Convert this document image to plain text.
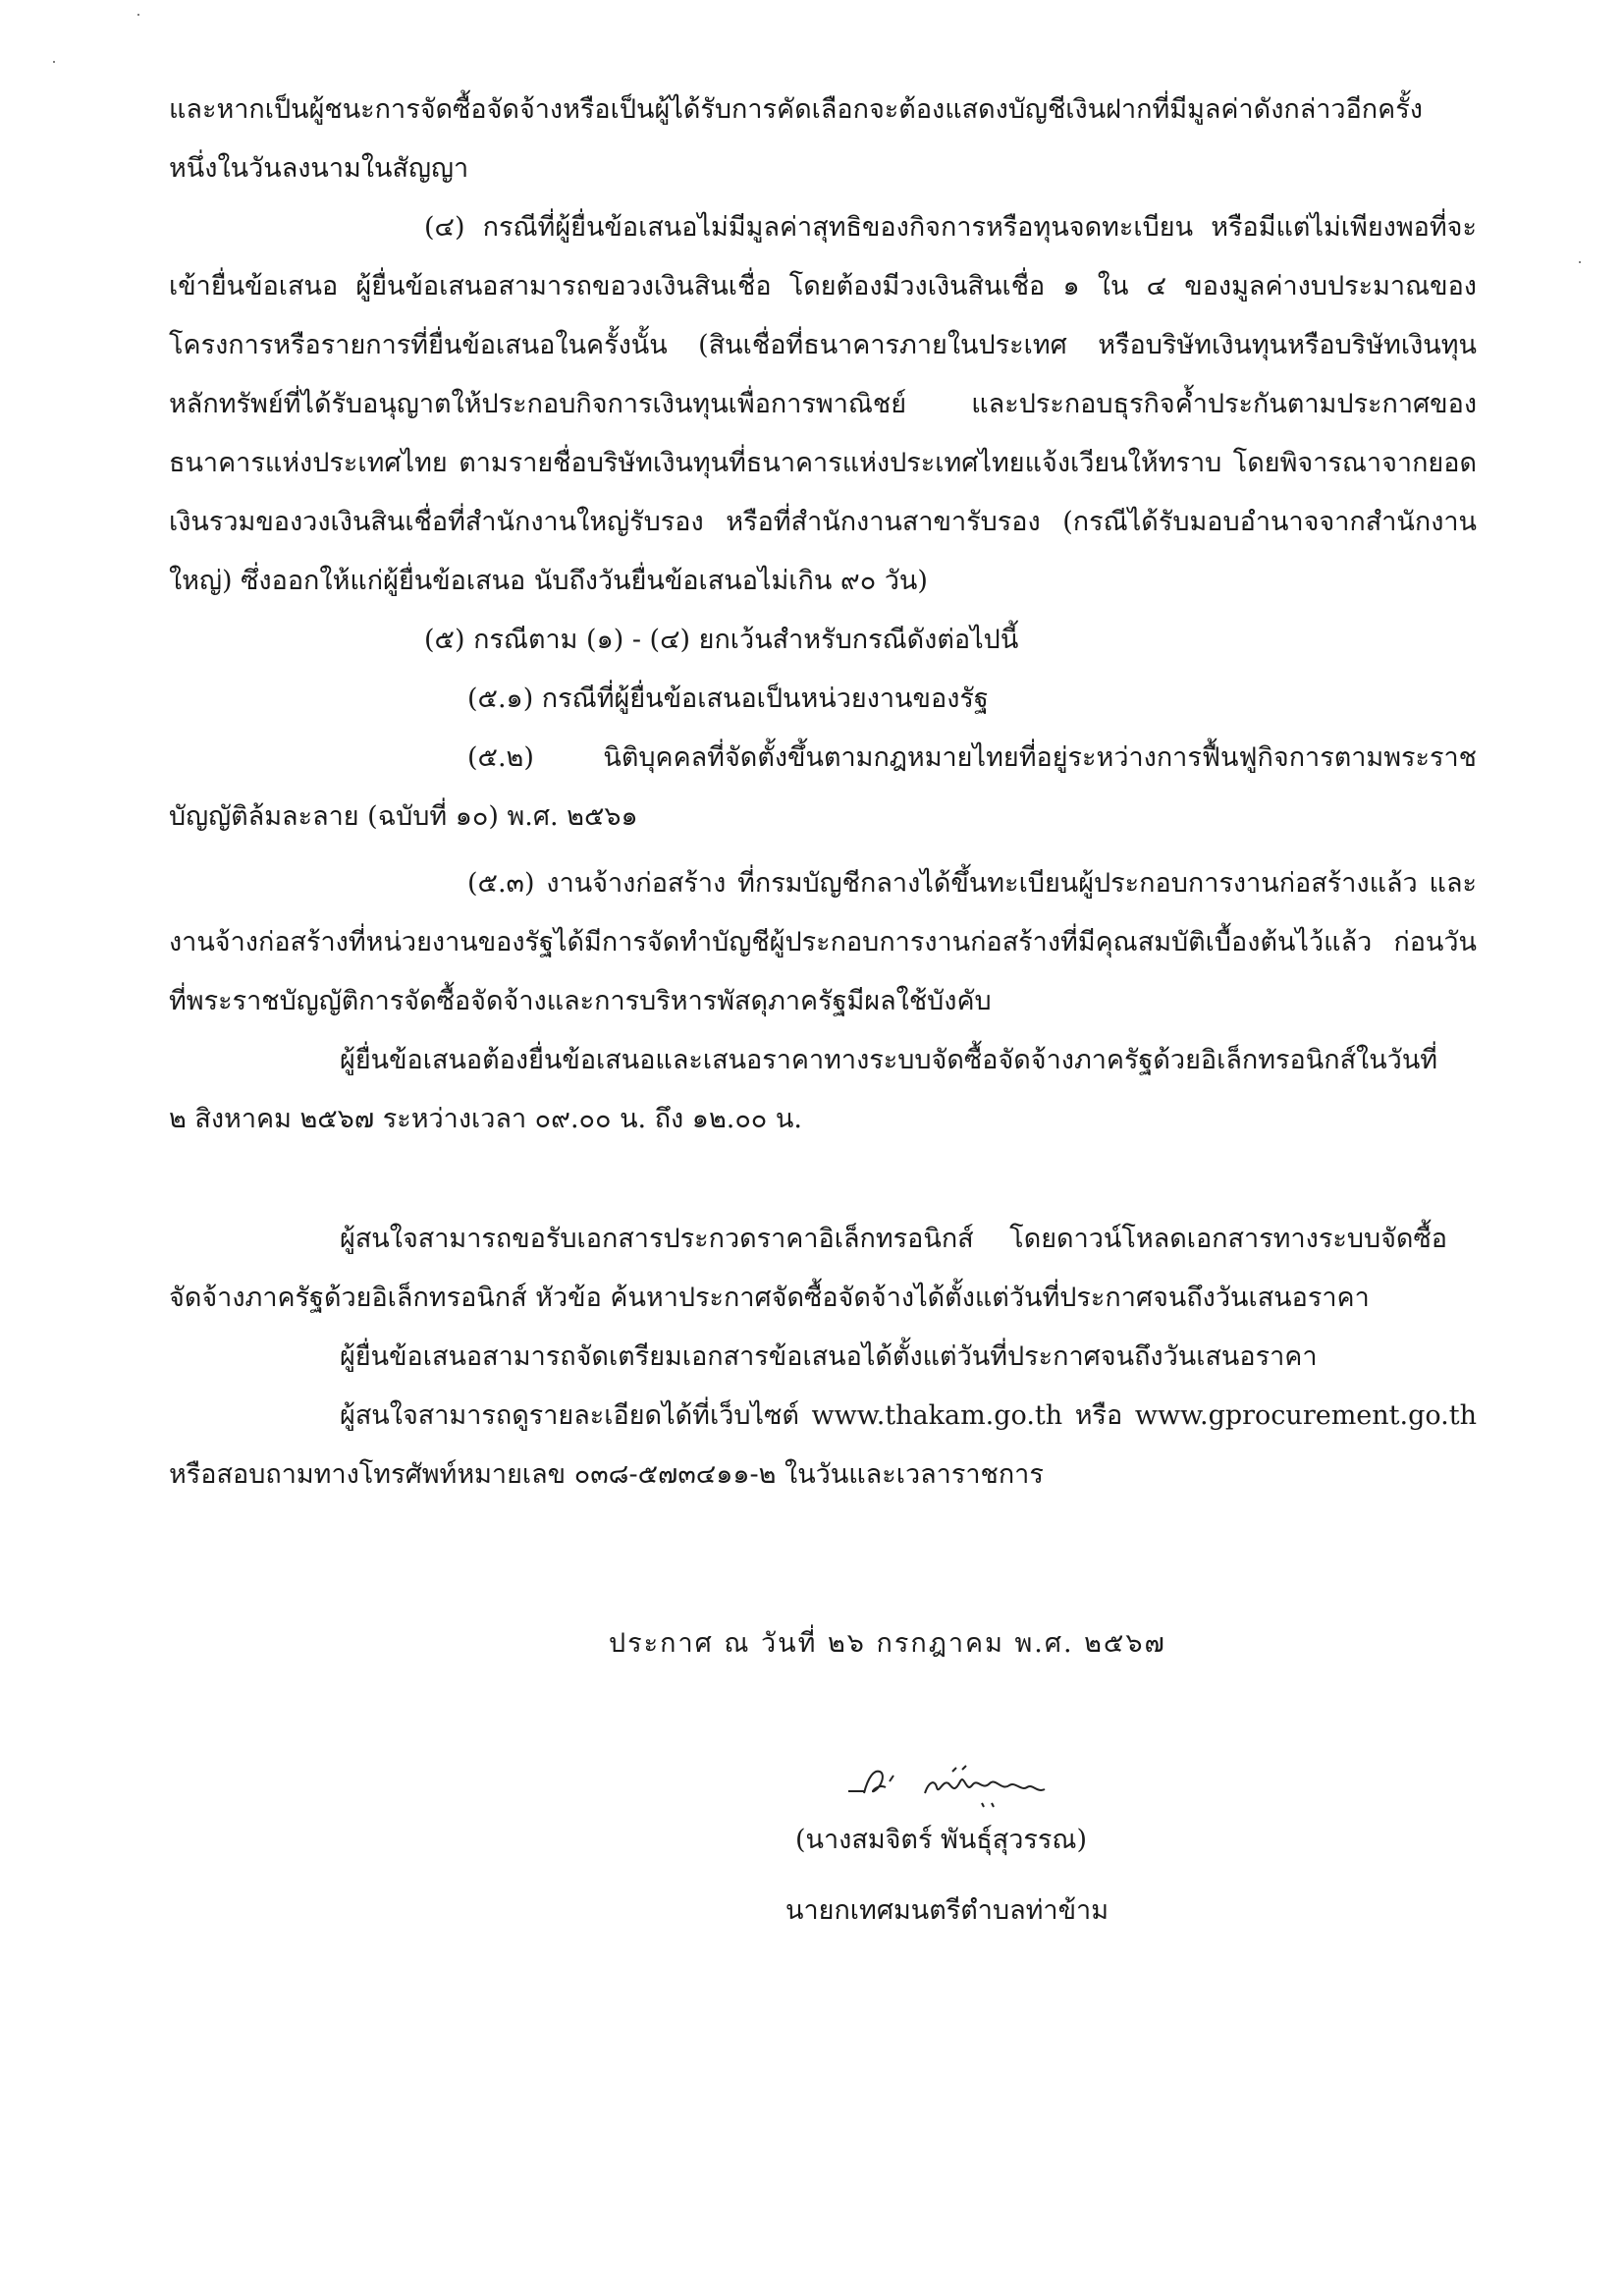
และหากเป็นผู้ชนะการจัดซื้อจัดจ้างหรือเป็นผู้ได้รับการคัดเลือกจะต้องแสดงบัญชีเงินฝากที่มีมูลค่าดังกล่าวอีกครั้ง
หนึ่งในวันลงนามในสัญญา
(๔) กรณีที่ผู้ยื่นข้อเสนอไม่มีมูลค่าสุทธิของกิจการหรือทุนจดทะเบียน หรือมีแต่ไม่เพียงพอที่จะ
เข้ายื่นข้อเสนอ ผู้ยื่นข้อเสนอสามารถขอวงเงินสินเชื่อ โดยต้องมีวงเงินสินเชื่อ ๑ ใน ๔ ของมูลค่างบประมาณของ
โครงการหรือรายการที่ยื่นข้อเสนอในครั้งนั้น (สินเชื่อที่ธนาคารภายในประเทศ หรือบริษัทเงินทุนหรือบริษัทเงินทุน
หลักทรัพย์ที่ได้รับอนุญาตให้ประกอบกิจการเงินทุนเพื่อการพาณิชย์ และประกอบธุรกิจค้ำประกันตามประกาศของ
ธนาคารแห่งประเทศไทย ตามรายชื่อบริษัทเงินทุนที่ธนาคารแห่งประเทศไทยแจ้งเวียนให้ทราบ โดยพิจารณาจากยอด
เงินรวมของวงเงินสินเชื่อที่สำนักงานใหญ่รับรอง หรือที่สำนักงานสาขารับรอง (กรณีได้รับมอบอำนาจจากสำนักงาน
ใหญ่) ซึ่งออกให้แก่ผู้ยื่นข้อเสนอ นับถึงวันยื่นข้อเสนอไม่เกิน ๙๐ วัน)
(๕) กรณีตาม (๑) - (๔) ยกเว้นสำหรับกรณีดังต่อไปนี้
(๕.๑) กรณีที่ผู้ยื่นข้อเสนอเป็นหน่วยงานของรัฐ
(๕.๒) นิติบุคคลที่จัดตั้งขึ้นตามกฎหมายไทยที่อยู่ระหว่างการฟื้นฟูกิจการตามพระราช
บัญญัติล้มละลาย (ฉบับที่ ๑๐) พ.ศ. ๒๕๖๑
(๕.๓) งานจ้างก่อสร้าง ที่กรมบัญชีกลางได้ขึ้นทะเบียนผู้ประกอบการงานก่อสร้างแล้ว และ
งานจ้างก่อสร้างที่หน่วยงานของรัฐได้มีการจัดทำบัญชีผู้ประกอบการงานก่อสร้างที่มีคุณสมบัติเบื้องต้นไว้แล้ว ก่อนวัน
ที่พระราชบัญญัติการจัดซื้อจัดจ้างและการบริหารพัสดุภาครัฐมีผลใช้บังคับ
ผู้ยื่นข้อเสนอต้องยื่นข้อเสนอและเสนอราคาทางระบบจัดซื้อจัดจ้างภาครัฐด้วยอิเล็กทรอนิกส์ในวันที่
๒ สิงหาคม ๒๕๖๗ ระหว่างเวลา ๐๙.๐๐ น. ถึง ๑๒.๐๐ น.
ผู้สนใจสามารถขอรับเอกสารประกวดราคาอิเล็กทรอนิกส์ โดยดาวน์โหลดเอกสารทางระบบจัดซื้อ
จัดจ้างภาครัฐด้วยอิเล็กทรอนิกส์ หัวข้อ ค้นหาประกาศจัดซื้อจัดจ้างได้ตั้งแต่วันที่ประกาศจนถึงวันเสนอราคา
ผู้ยื่นข้อเสนอสามารถจัดเตรียมเอกสารข้อเสนอได้ตั้งแต่วันที่ประกาศจนถึงวันเสนอราคา
ผู้สนใจสามารถดูรายละเอียดได้ที่เว็บไซต์ www.thakam.go.th หรือ www.gprocurement.go.th
หรือสอบถามทางโทรศัพท์หมายเลข ๐๓๘-๕๗๓๔๑๑-๒ ในวันและเวลาราชการ
ประกาศ ณ วันที่ ๒๖ กรกฎาคม พ.ศ. ๒๕๖๗
(นางสมจิตร์ พันธุ์สุวรรณ)
นายกเทศมนตรีตำบลท่าข้าม
